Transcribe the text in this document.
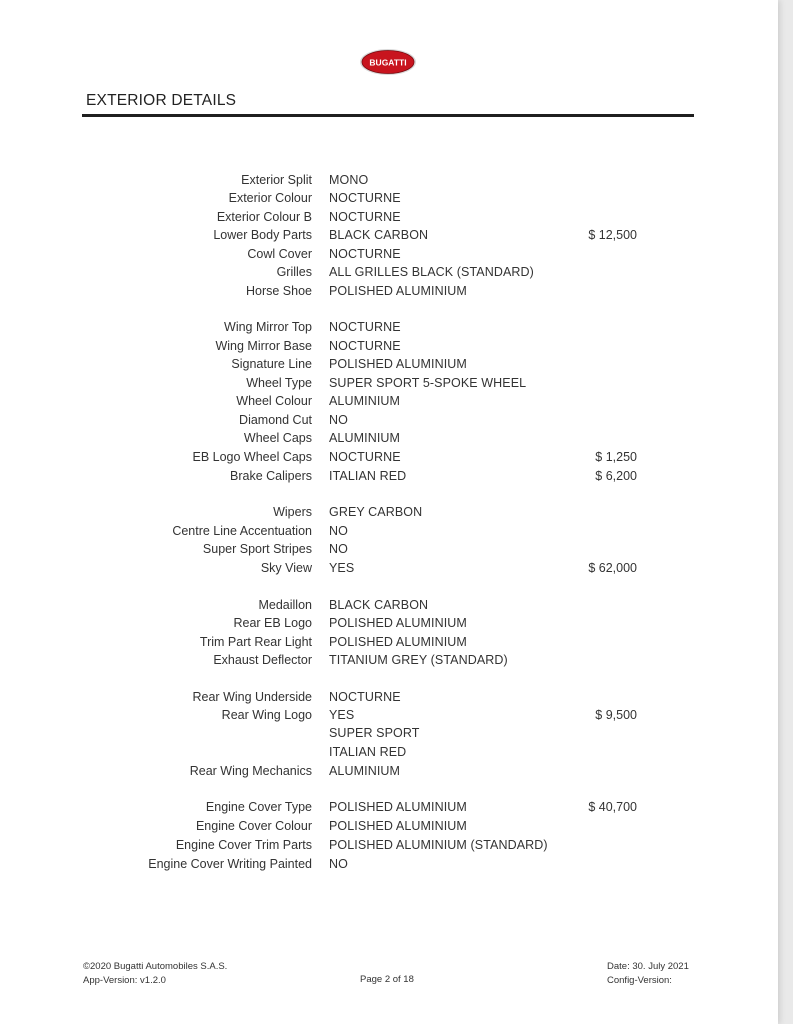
BUGATTI
EXTERIOR DETAILS
Exterior Split MONO
Exterior Colour NOCTURNE
Exterior Colour B NOCTURNE
Lower Body Parts BLACK CARBON	$ 12,500
Cowl Cover NOCTURNE
Grilles ALL GRILLES BLACK (STANDARD)
Horse Shoe POLISHED ALUMINIUM
Wing Mirror Top NOCTURNE
Wing Mirror Base NOCTURNE
Signature Line POLISHED ALUMINIUM
Wheel Type SUPER SPORT 5-SPOKE WHEEL
Wheel Colour ALUMINIUM
Diamond Cut NO
Wheel Caps ALUMINIUM
EB Logo Wheel Caps NOCTURNE	$ 1,250
Brake Calipers ITALIAN RED	$ 6,200
Wipers GREY CARBON
Centre Line Accentuation NO
Super Sport Stripes NO
Sky View YES	$ 62,000
Medaillon BLACK CARBON
Rear EB Logo POLISHED ALUMINIUM
Trim Part Rear Light POLISHED ALUMINIUM
Exhaust Deflector TITANIUM GREY (STANDARD)
Rear Wing Underside NOCTURNE
Rear Wing Logo YES	$ 9,500
SUPER SPORT
ITALIAN RED
Rear Wing Mechanics ALUMINIUM
Engine Cover Type POLISHED ALUMINIUM	$ 40,700
Engine Cover Colour POLISHED ALUMINIUM
Engine Cover Trim Parts POLISHED ALUMINIUM (STANDARD)
Engine Cover Writing Painted NO
©2020 Bugatti Automobiles S.A.S.
App-Version: v1.2.0	Page 2 of 18
Date: 30. July 2021
Config-Version:
